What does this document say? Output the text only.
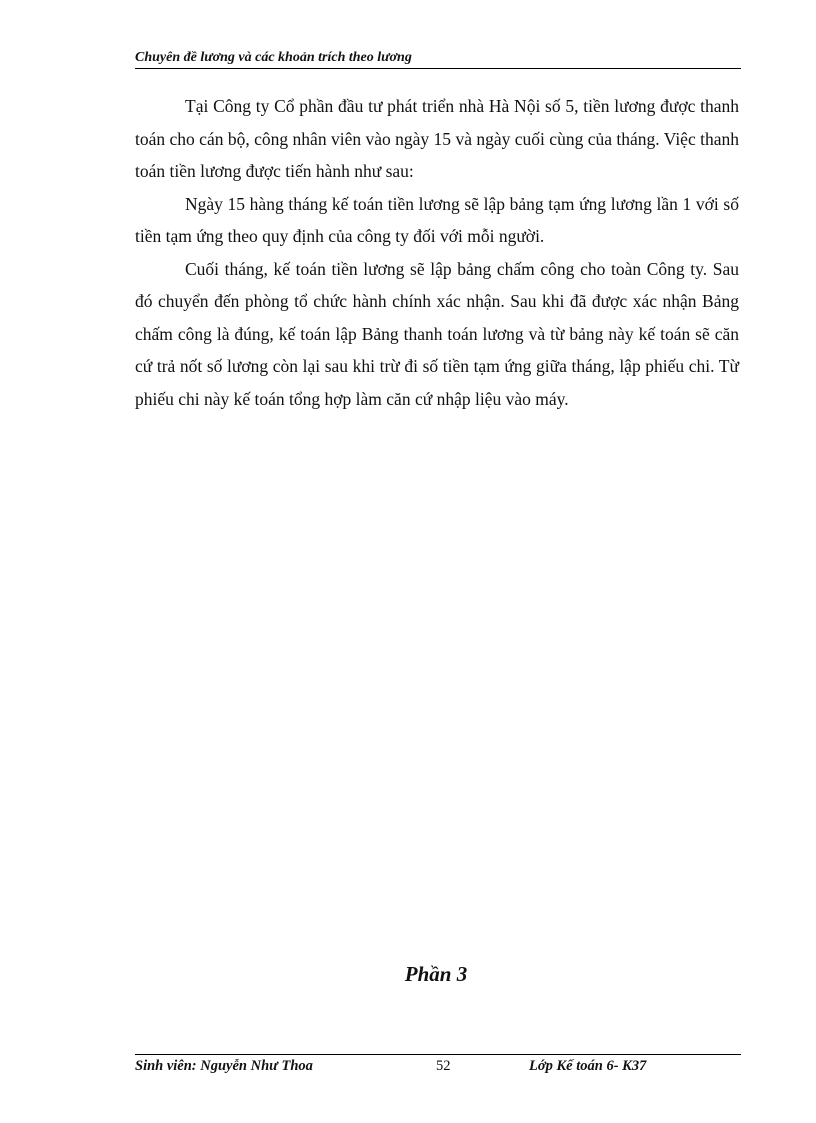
Chuyên đề lương và các khoản trích theo lương

Tại Công ty Cổ phần đầu tư phát triển nhà Hà Nội số 5, tiền lương được thanh toán cho cán bộ, công nhân viên vào ngày 15 và ngày cuối cùng của tháng. Việc thanh toán tiền lương được tiến hành như sau:

Ngày 15 hàng tháng kế toán tiền lương sẽ lập bảng tạm ứng lương lần 1 với số tiền tạm ứng theo quy định của công ty đối với mỗi người.

Cuối tháng, kế toán tiền lương sẽ lập bảng chấm công cho toàn Công ty. Sau đó chuyển đến phòng tổ chức hành chính xác nhận. Sau khi đã được xác nhận Bảng chấm công là đúng, kế toán lập Bảng thanh toán lương và từ bảng này kế toán sẽ căn cứ trả nốt số lương còn lại sau khi trừ đi số tiền tạm ứng giữa tháng, lập phiếu chi. Từ phiếu chi này kế toán tổng hợp làm căn cứ nhập liệu vào máy.

Phần 3
Sinh viên: Nguyễn Như Thoa	52	Lớp Kế toán 6- K37
